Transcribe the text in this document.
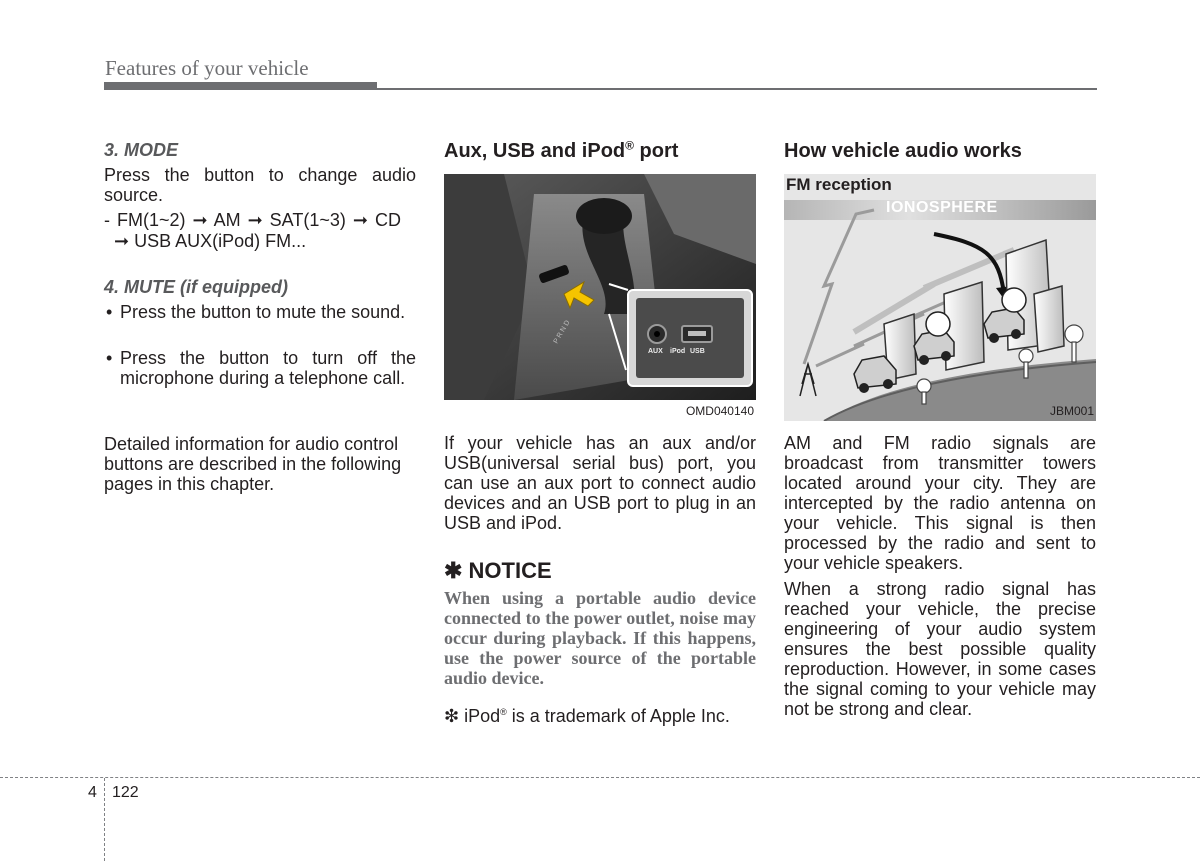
Features of your vehicle

3. MODE

Press the button to change audio source.

- FM(1~2) ➞ AM ➞ SAT(1~3) ➞ CD

➞ USB AUX(iPod) FM...

4. MUTE (if equipped)

• Press the button to mute the sound.

• Press the button to turn off the microphone during a telephone call.

Detailed information for audio control buttons are described in the following pages in this chapter.

Aux, USB and iPod® port

P R N D
AUX iPod USB
OMD040140

If your vehicle has an aux and/or USB(universal serial bus) port, you can use an aux port to connect audio devices and an USB port to plug in an USB and iPod.

✱ NOTICE

When using a portable audio device connected to the power outlet, noise may occur during playback. If this happens, use the power source of the portable audio device.

❇ iPod® is a trademark of Apple Inc.

How vehicle audio works

FM reception
IONOSPHERE
JBM001

AM and FM radio signals are broadcast from transmitter towers located around your city. They are intercepted by the radio antenna on your vehicle. This signal is then processed by the radio and sent to your vehicle speakers.

When a strong radio signal has reached your vehicle, the precise engineering of your audio system ensures the best possible quality reproduction. However, in some cases the signal coming to your vehicle may not be strong and clear.

4 122
